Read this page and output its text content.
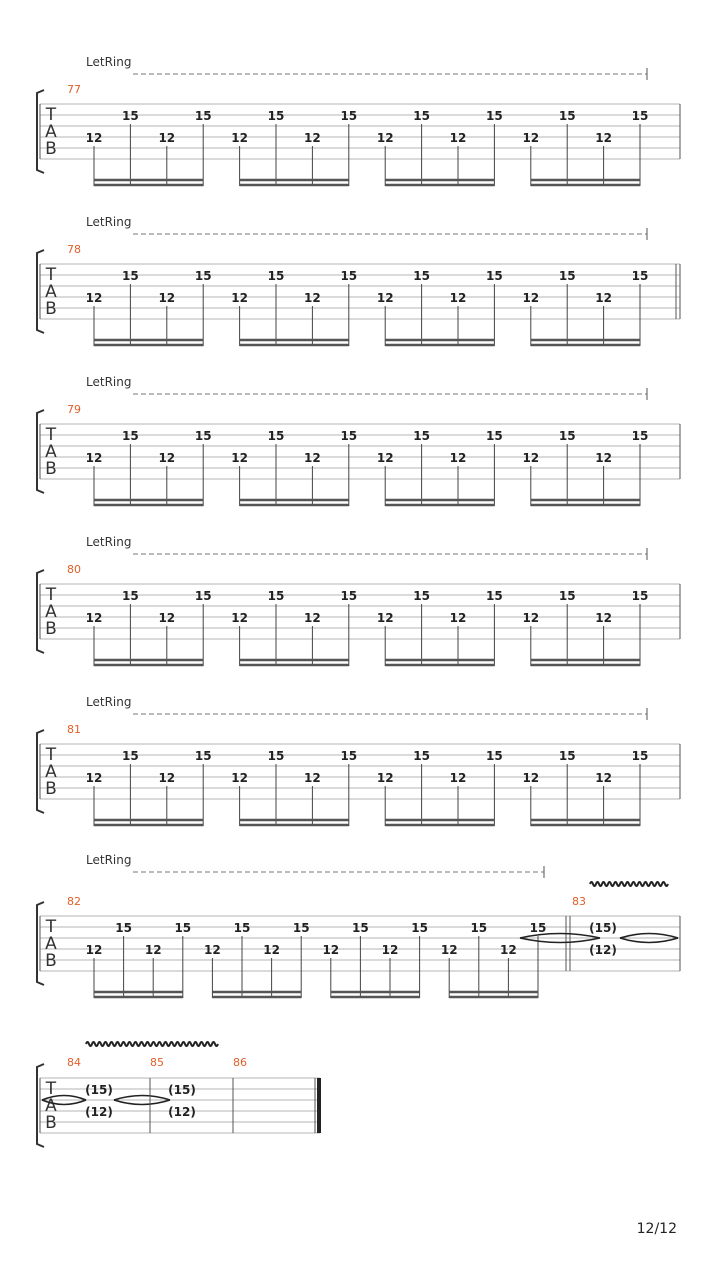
LetRing
77
T
A
B
12
15
12
15
12
15
12
15
12
15
12
15
12
15
12
15
LetRing
78
T
A
B
12
15
12
15
12
15
12
15
12
15
12
15
12
15
12
15
LetRing
79
T
A
B
12
15
12
15
12
15
12
15
12
15
12
15
12
15
12
15
LetRing
80
T
A
B
12
15
12
15
12
15
12
15
12
15
12
15
12
15
12
15
LetRing
81
T
A
B
12
15
12
15
12
15
12
15
12
15
12
15
12
15
12
15
LetRing
82	83
T
A
B
12
15
12
15
12
15
12
15
12
15
12
15
12
15
12
15	(15)
(12)
84	85	86
T
A
B
(15)
(12)
(15)
(12)
12/12
